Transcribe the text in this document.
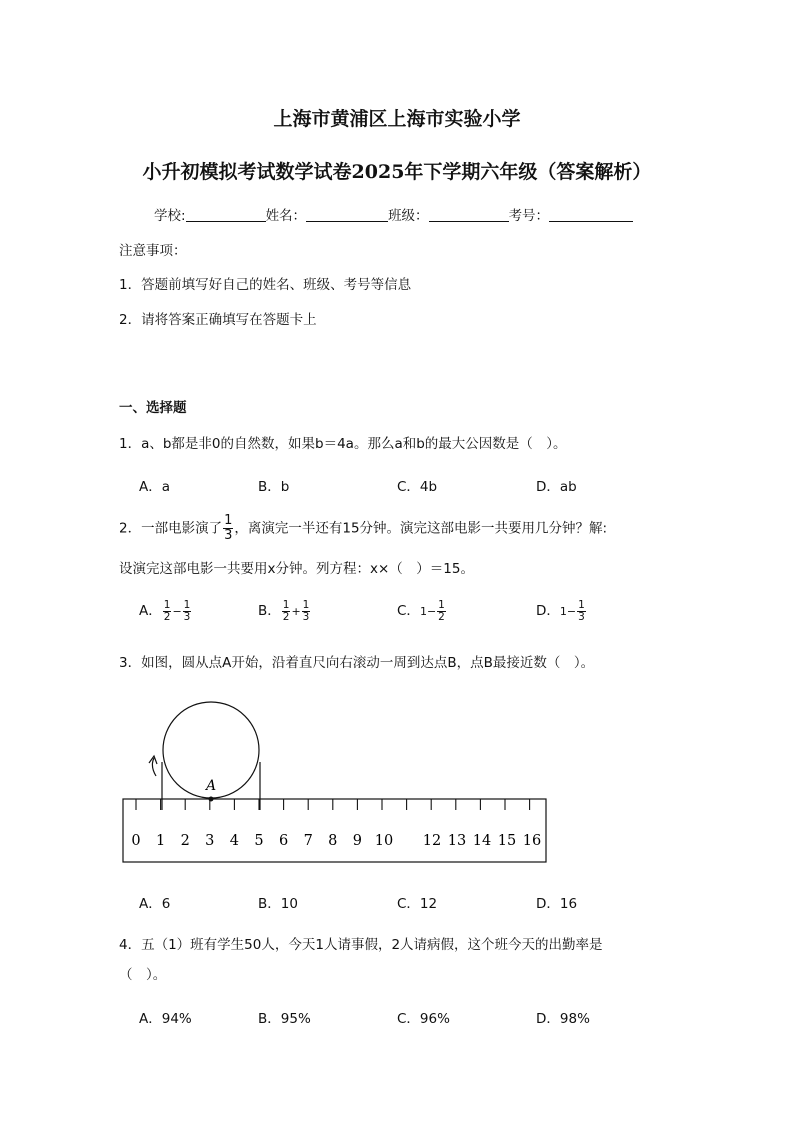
上海市黄浦区上海市实验小学
小升初模拟考试数学试卷2025年下学期六年级（答案解析）
学校:	姓名：	班级：	考号：
注意事项：
1．答题前填写好自己的姓名、班级、考号等信息
2．请将答案正确填写在答题卡上
一、选择题
1．a、b都是非0的自然数，如果b＝4a。那么a和b的最大公因数是（　）。
A．a	B．b	C．4b	D．ab
2．一部电影演了 $\frac{1}{3}$ ，离演完一半还有15分钟。演完这部电影一共要用几分钟？解:
设演完这部电影一共要用x分钟。列方程：x×（　）＝15。
A． $\frac{1}{2} - \frac{1}{3}$	B． $\frac{1}{2} + \frac{1}{3}$	C．$1- \frac{1}{2}$	D．$1- \frac{1}{3}$
3．如图，圆从点A开始，沿着直尺向右滚动一周到达点B，点B最接近数（　）。
A
0 1 2 3 4 5 6 7 8 9 10 12 13 14 15 16
A．6	B．10	C．12	D．16
4．五（1）班有学生50人，今天1人请事假，2人请病假，这个班今天的出勤率是
（　）。
A．94%	B．95%	C．96%	D．98%
